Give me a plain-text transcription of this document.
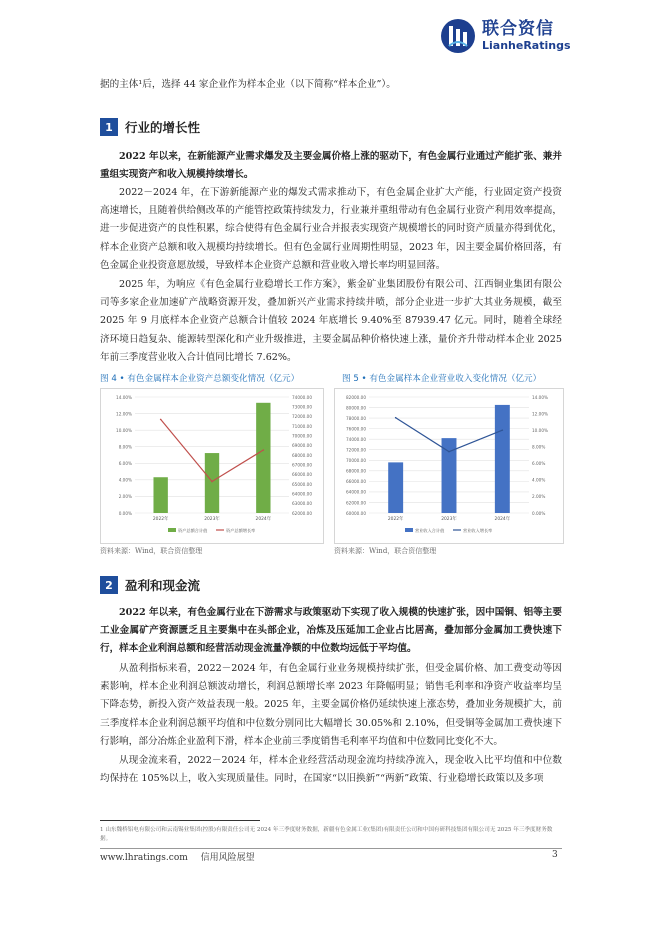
联合资信
LianheRatings

据的主体¹后，选择 44 家企业作为样本企业（以下简称“样本企业”）。

1 行业的增长性

2022 年以来，在新能源产业需求爆发及主要金属价格上涨的驱动下，有色金属行业通过产能扩张、兼并重组实现资产和收入规模持续增长。

2022－2024 年，在下游新能源产业的爆发式需求推动下，有色金属企业扩大产能，行业固定资产投资高速增长，且随着供给侧改革的产能管控政策持续发力，行业兼并重组带动有色金属行业资产利用效率提高，进一步促进资产的良性积累，综合使得有色金属行业合并报表实现资产规模增长的同时资产质量亦得到优化，样本企业资产总额和收入规模均持续增长。但有色金属行业周期性明显，2023 年，因主要金属价格回落，有色金属企业投资意愿放缓，导致样本企业资产总额和营业收入增长率均明显回落。

2025 年，为响应《有色金属行业稳增长工作方案》，紫金矿业集团股份有限公司、江西铜业集团有限公司等多家企业加速矿产战略资源开发，叠加新兴产业需求持续井喷，部分企业进一步扩大其业务规模，截至 2025 年 9 月底样本企业资产总额合计值较 2024 年底增长 9.40%至 87939.47 亿元。同时，随着全球经济环境日趋复杂、能源转型深化和产业升级推进，主要金属品种价格快速上涨，量价齐升带动样本企业 2025 年前三季度营业收入合计值同比增长 7.62%。

图 4 • 有色金属样本企业资产总额变化情况（亿元）	图 5 • 有色金属样本企业营业收入变化情况（亿元）
0.00%
2.00%
4.00%
6.00%
8.00%
10.00%
12.00%
14.00%
62000.00
63000.00
64000.00
65000.00
66000.00
67000.00
68000.00
69000.00
70000.00
71000.00
72000.00
73000.00
74000.00
2022年	2023年	2024年
资产总额合计值	资产总额增长率
60000.00
62000.00
64000.00
66000.00
68000.00
70000.00
72000.00
74000.00
76000.00
78000.00
80000.00
82000.00
0.00%
2.00%
4.00%
6.00%
8.00%
10.00%
12.00%
14.00%
2022年	2023年	2024年
营业收入合计值	营业收入增长率
资料来源：Wind，联合资信整理	资料来源：Wind，联合资信整理
2 盈利和现金流

2022 年以来，有色金属行业在下游需求与政策驱动下实现了收入规模的快速扩张，因中国铜、铝等主要工业金属矿产资源匮乏且主要集中在头部企业，冶炼及压延加工企业占比居高，叠加部分金属加工费快速下行，样本企业利润总额和经营活动现金流量净额的中位数均远低于平均值。

从盈利指标来看，2022－2024 年，有色金属行业业务规模持续扩张，但受金属价格、加工费变动等因素影响，样本企业利润总额波动增长，利润总额增长率 2023 年降幅明显；销售毛利率和净资产收益率均呈下降态势，新投入资产效益表现一般。2025 年，主要金属价格仍延续快速上涨态势，叠加业务规模扩大，前三季度样本企业利润总额平均值和中位数分别同比大幅增长 30.05%和 2.10%，但受铜等金属加工费快速下行影响，部分冶炼企业盈利下滑，样本企业前三季度销售毛利率平均值和中位数同比变化不大。

从现金流来看，2022－2024 年，样本企业经营活动现金流均持续净流入，现金收入比平均值和中位数均保持在 105%以上，收入实现质量佳。同时，在国家“以旧换新”“两新”政策、行业稳增长政策以及多项

1 山东魏桥铝电有限公司和云南锡业集团(控股)有限责任公司无 2024 年三季度财务数据，新疆有色金属工业(集团)有限责任公司和中国有研科技集团有限公司无 2025 年三季度财务数据。
www.lhratings.com 信用风险展望	3
